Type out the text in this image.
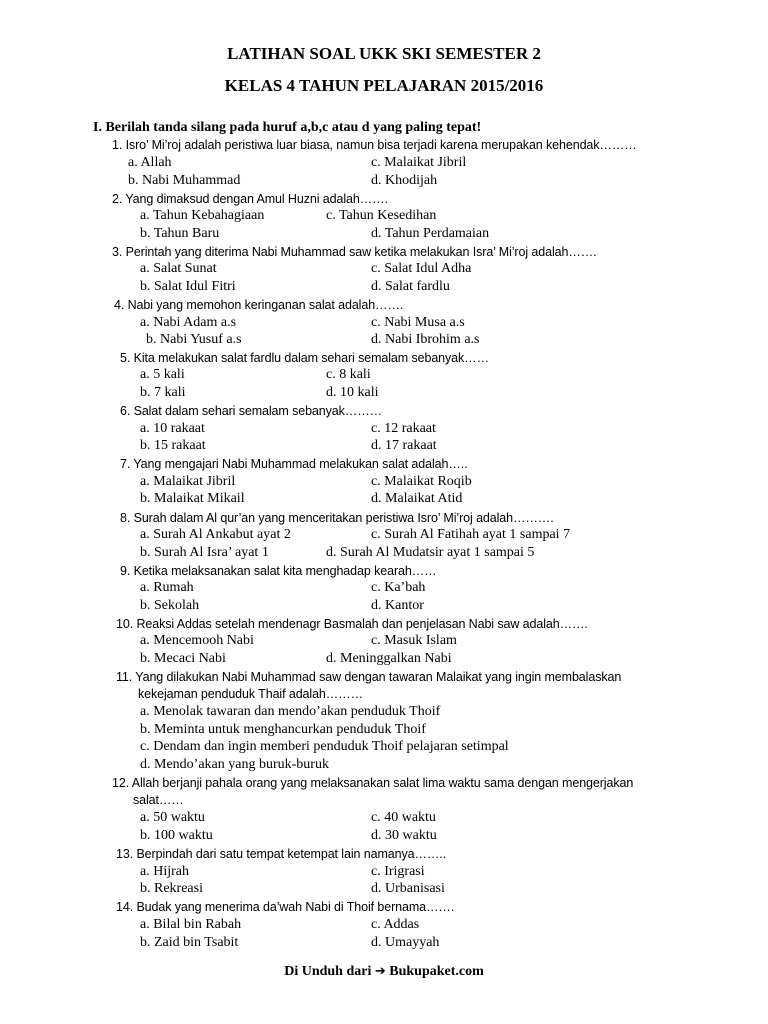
LATIHAN SOAL UKK SKI SEMESTER 2
KELAS 4 TAHUN PELAJARAN 2015/2016
I. Berilah tanda silang pada huruf a,b,c atau d yang paling tepat!
1. Isro’ Mi’roj adalah peristiwa luar biasa, namun bisa terjadi karena merupakan kehendak………
a. Allah	c. Malaikat Jibril
b. Nabi Muhammad	d. Khodijah
2. Yang dimaksud dengan Amul Huzni adalah…….
a. Tahun Kebahagiaan	c. Tahun Kesedihan
b. Tahun Baru	d. Tahun Perdamaian
3. Perintah yang diterima Nabi Muhammad saw ketika melakukan Isra’ Mi’roj adalah…….
a. Salat Sunat	c. Salat Idul Adha
b. Salat Idul Fitri	d. Salat fardlu
4. Nabi yang memohon keringanan salat adalah…….
a. Nabi Adam a.s	c. Nabi Musa a.s
b. Nabi Yusuf a.s	d. Nabi Ibrohim a.s
5. Kita melakukan salat fardlu dalam sehari semalam sebanyak……
a. 5 kali	c. 8 kali
b. 7 kali	d. 10 kali
6. Salat dalam sehari semalam sebanyak………
a. 10 rakaat	c. 12 rakaat
b. 15 rakaat	d. 17 rakaat
7. Yang mengajari Nabi Muhammad melakukan salat adalah…..
a. Malaikat Jibril	c. Malaikat Roqib
b. Malaikat Mikail	d. Malaikat Atid
8. Surah dalam Al qur’an yang menceritakan peristiwa Isro’ Mi’roj adalah……….
a. Surah Al Ankabut ayat 2	c. Surah Al Fatihah ayat 1 sampai 7
b. Surah Al Isra’ ayat 1	d. Surah Al Mudatsir ayat 1 sampai 5
9. Ketika melaksanakan salat kita menghadap kearah……
a. Rumah	c. Ka’bah
b. Sekolah	d. Kantor
10. Reaksi Addas setelah mendenagr Basmalah dan penjelasan Nabi saw adalah…….
a. Mencemooh Nabi	c. Masuk Islam
b. Mecaci Nabi	d. Meninggalkan Nabi
11. Yang dilakukan Nabi Muhammad saw dengan tawaran Malaikat yang ingin membalaskan
kekejaman penduduk Thaif adalah………
a. Menolak tawaran dan mendo’akan penduduk Thoif
b. Meminta untuk menghancurkan penduduk Thoif
c. Dendam dan ingin memberi penduduk Thoif pelajaran setimpal
d. Mendo’akan yang buruk-buruk
12. Allah berjanji pahala orang yang melaksanakan salat lima waktu sama dengan mengerjakan
salat……
a. 50 waktu	c. 40 waktu
b. 100 waktu	d. 30 waktu
13. Berpindah dari satu tempat ketempat lain namanya……..
a. Hijrah	c. Irigrasi
b. Rekreasi	d. Urbanisasi
14. Budak yang menerima da’wah Nabi di Thoif bernama…….
a. Bilal bin Rabah	c. Addas
b. Zaid bin Tsabit	d. Umayyah
Di Unduh dari ➔ Bukupaket.com
